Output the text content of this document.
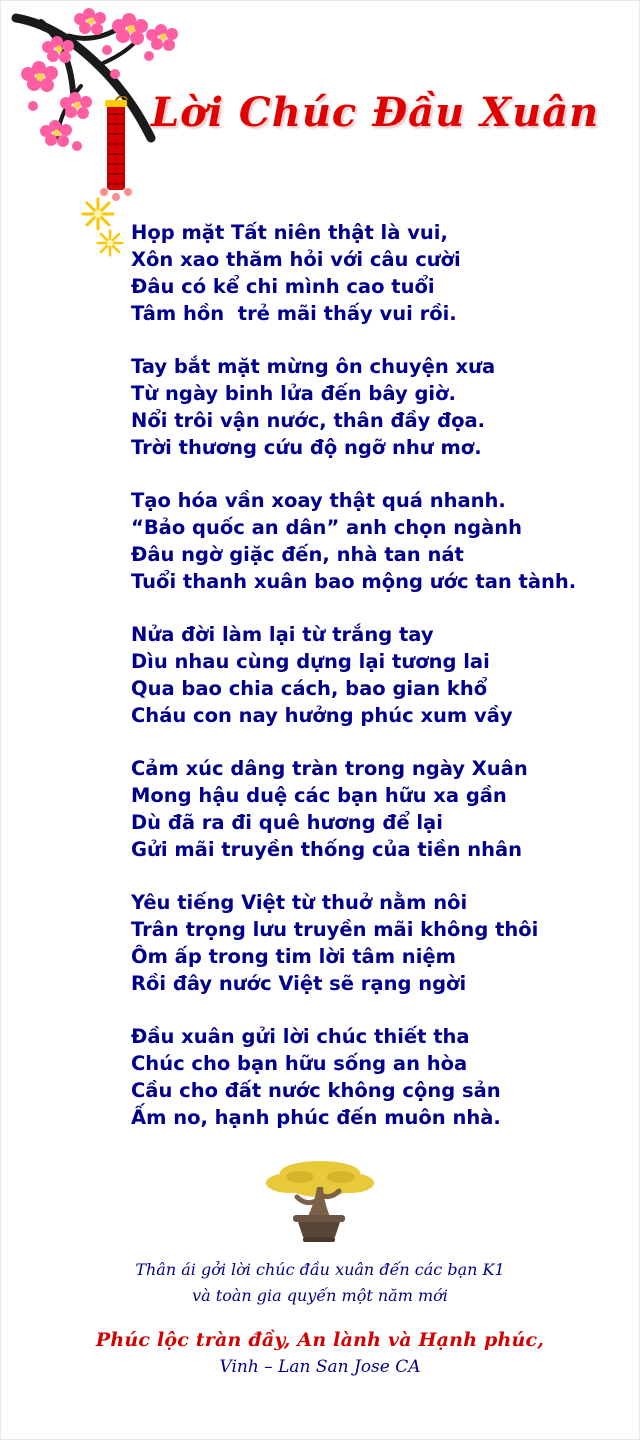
Lời Chúc Đầu Xuân
Họp mặt Tất niên thật là vui,
Xôn xao thăm hỏi với câu cười
Đâu có kể chi mình cao tuổi
Tâm hồn  trẻ mãi thấy vui rồi.
Tay bắt mặt mừng ôn chuyện xưa
Từ ngày binh lửa đến bây giờ.
Nổi trôi vận nước, thân đầy đọa.
Trời thương cứu độ ngỡ như mơ.
Tạo hóa vần xoay thật quá nhanh.
“Bảo quốc an dân” anh chọn ngành
Đâu ngờ giặc đến, nhà tan nát
Tuổi thanh xuân bao mộng ước tan tành.
Nửa đời làm lại từ trắng tay
Dìu nhau cùng dựng lại tương lai
Qua bao chia cách, bao gian khổ
Cháu con nay hưởng phúc xum vầy
Cảm xúc dâng tràn trong ngày Xuân
Mong hậu duệ các bạn hữu xa gần
Dù đã ra đi quê hương để lại
Gửi mãi truyền thống của tiền nhân
Yêu tiếng Việt từ thuở nằm nôi
Trân trọng lưu truyền mãi không thôi
Ôm ấp trong tim lời tâm niệm
Rồi đây nước Việt sẽ rạng ngời
Đầu xuân gửi lời chúc thiết tha
Chúc cho bạn hữu sống an hòa
Cầu cho đất nước không cộng sản
Ấm no, hạnh phúc đến muôn nhà.
Thân ái gởi lời chúc đầu xuân đến các bạn K1
và toàn gia quyến một năm mới
Phúc lộc tràn đầy, An lành và Hạnh phúc,
Vinh – Lan San Jose CA
